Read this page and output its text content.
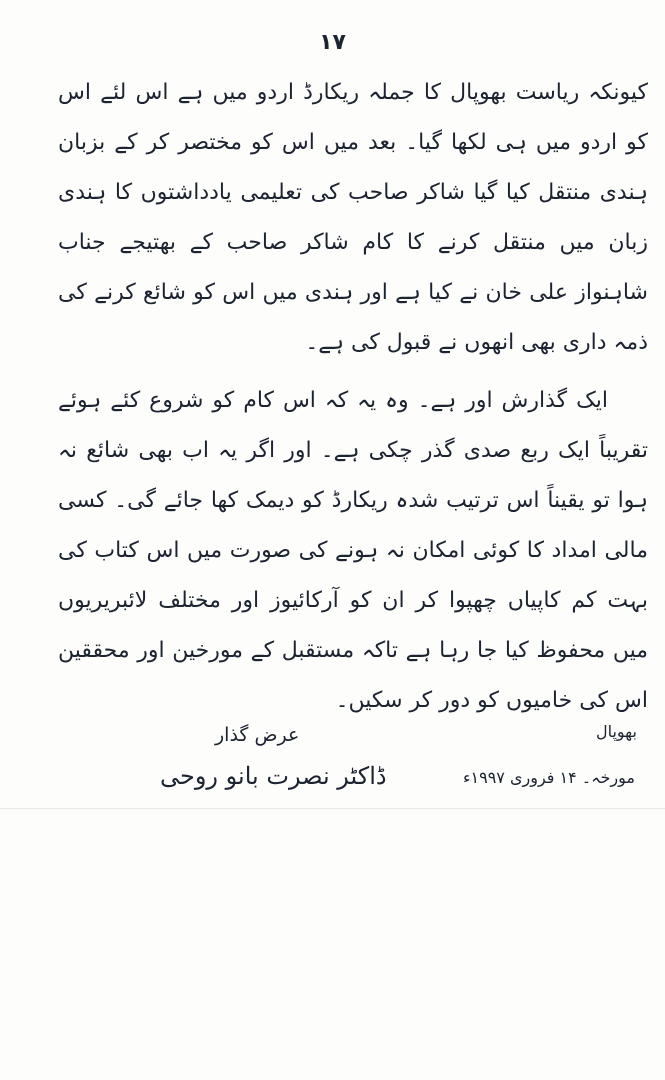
١٧

کیونکہ ریاست بھوپال کا جملہ ریکارڈ اردو میں ہے اس لئے اس کو اردو میں ہی لکھا گیا۔ بعد میں اس کو مختصر کر کے بزبان ہندی منتقل کیا گیا شاکر صاحب کی تعلیمی یادداشتوں کا ہندی زبان میں منتقل کرنے کا کام شاکر صاحب کے بھتیجے جناب شاہنواز علی خان نے کیا ہے اور ہندی میں اس کو شائع کرنے کی ذمہ داری بھی انھوں نے قبول کی ہے۔

ایک گذارش اور ہے۔ وہ یہ کہ اس کام کو شروع کئے ہوئے تقریباً ایک ربع صدی گذر چکی ہے۔ اور اگر یہ اب بھی شائع نہ ہوا تو یقیناً اس ترتیب شدہ ریکارڈ کو دیمک کھا جائے گی۔ کسی مالی امداد کا کوئی امکان نہ ہونے کی صورت میں اس کتاب کی بہت کم کاپیاں چھپوا کر ان کو آرکائیوز اور مختلف لائبریریوں میں محفوظ کیا جا رہا ہے تاکہ مستقبل کے مورخین اور محققین اس کی خامیوں کو دور کر سکیں۔

بھوپال
مورخہ۔ ۱۴ فروری ۱۹۹۷ء
عرض گذار
ڈاکٹر نصرت بانو روحی
